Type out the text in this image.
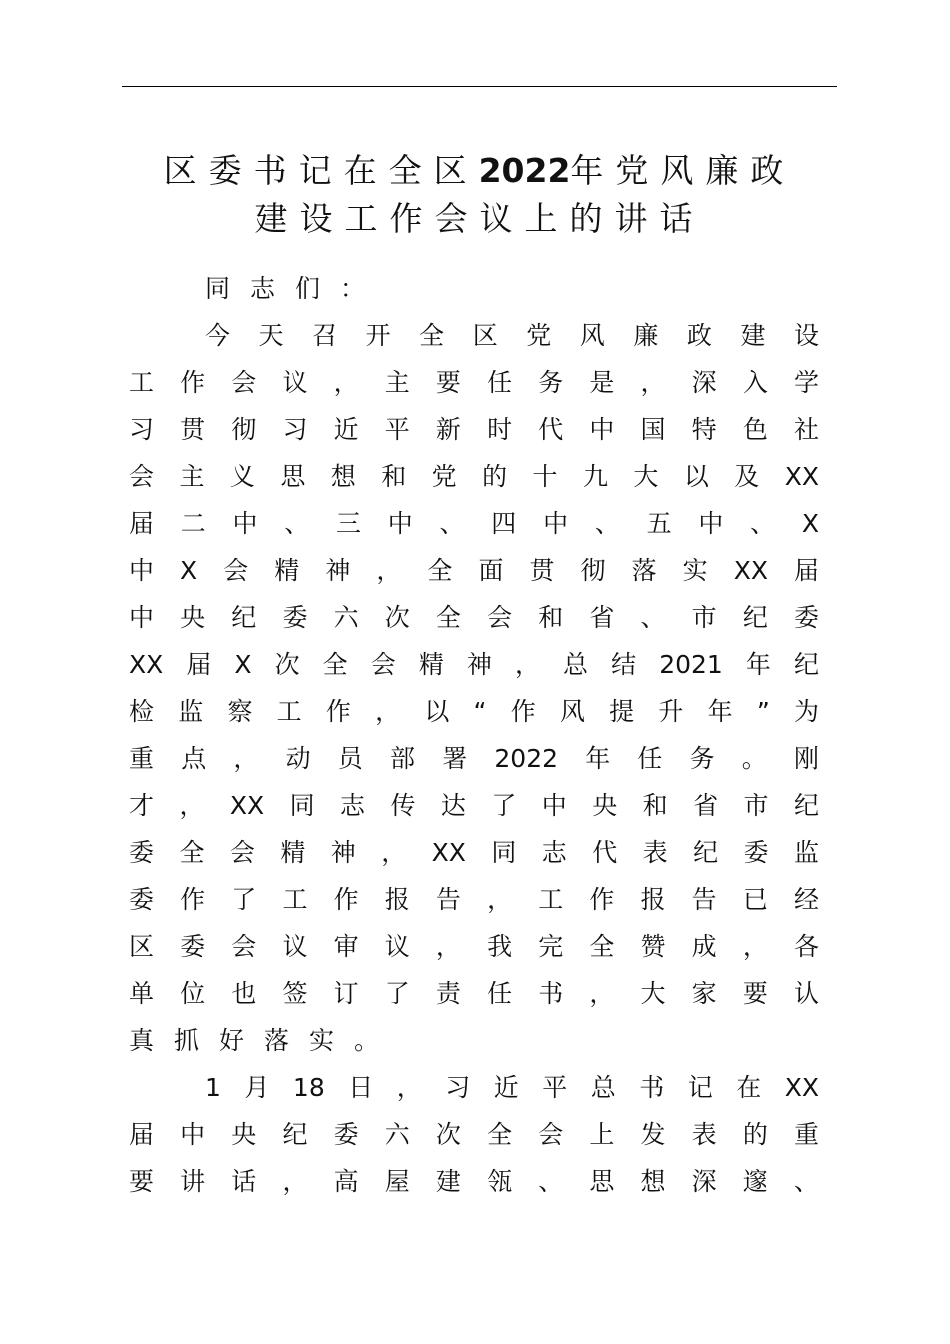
区委书记在全区2022年党风廉政
建设工作会议上的讲话
同志们：
今天召开全区党风廉政建设
工作会议，主要任务是，深入学
习贯彻习近平新时代中国特色社
会主义思想和党的十九大以及XX
届二中、三中、四中、五中、X
中X会精神，全面贯彻落实XX届
中央纪委六次全会和省、市纪委
XX届X次全会精神，总结2021年纪
检监察工作，以“作风提升年”为
重点，动员部署2022年任务。刚
才，XX同志传达了中央和省市纪
委全会精神，XX同志代表纪委监
委作了工作报告，工作报告已经
区委会议审议，我完全赞成，各
单位也签订了责任书，大家要认
真抓好落实。
1月18日，习近平总书记在XX
届中央纪委六次全会上发表的重
要讲话，高屋建瓴、思想深邃、
